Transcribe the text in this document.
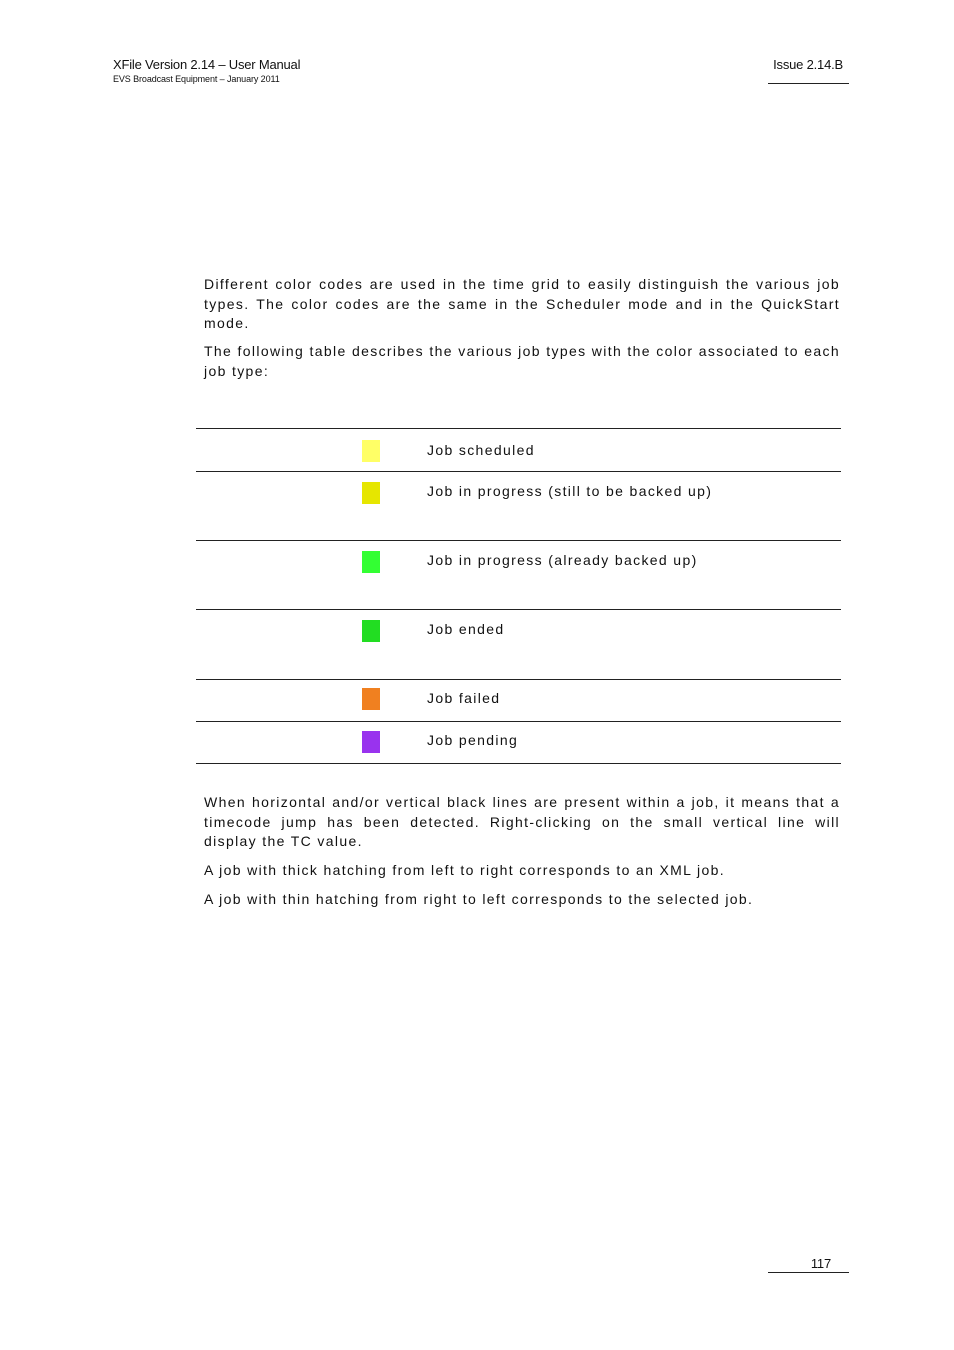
XFile Version 2.14 – User Manual
EVS Broadcast Equipment – January 2011
Issue 2.14.B

Different color codes are used in the time grid to easily distinguish the various job types. The color codes are the same in the Scheduler mode and in the QuickStart mode.

The following table describes the various job types with the color associated to each job type:

Job scheduled
Job in progress (still to be backed up)
Job in progress (already backed up)
Job ended
Job failed
Job pending

When horizontal and/or vertical black lines are present within a job, it means that a timecode jump has been detected. Right-clicking on the small vertical line will display the TC value.

A job with thick hatching from left to right corresponds to an XML job.

A job with thin hatching from right to left corresponds to the selected job.

117
